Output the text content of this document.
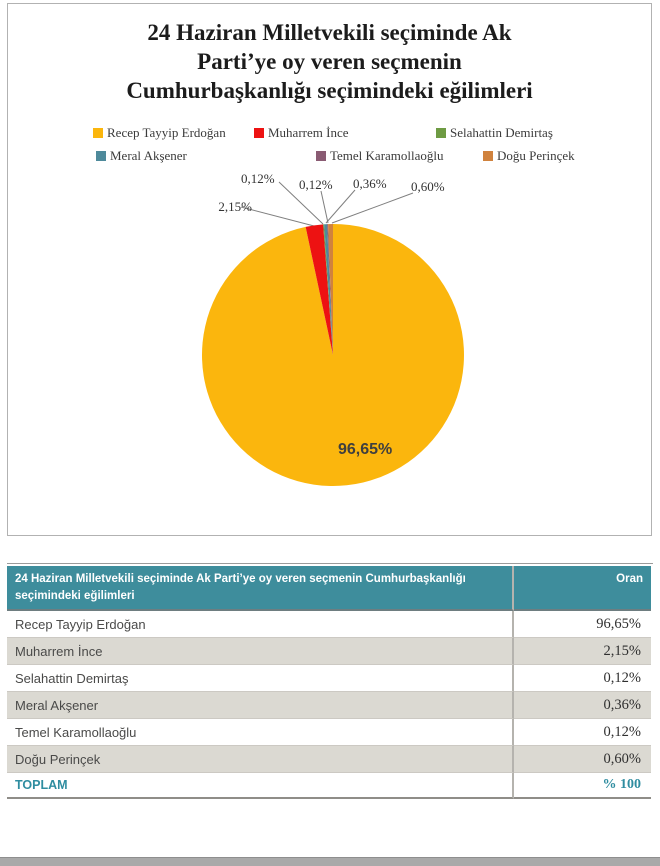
24 Haziran Milletvekili seçiminde Ak
Parti’ye oy veren seçmenin
Cumhurbaşkanlığı seçimindeki eğilimleri
Recep Tayyip Erdoğan	Muharrem İnce	Selahattin Demirtaş
Meral Akşener	Temel Karamollaoğlu	Doğu Perinçek
2,15%
0,12% 0,12% 0,36% 0,60%
96,65%
24 Haziran Milletvekili seçiminde Ak Parti’ye oy veren seçmenin Cumhurbaşkanlığı seçimindeki eğilimleri
Oran
Recep Tayyip Erdoğan	96,65%
Muharrem İnce	2,15%
Selahattin Demirtaş	0,12%
Meral Akşener	0,36%
Temel Karamollaoğlu	0,12%
Doğu Perinçek	0,60%
TOPLAM	% 100
